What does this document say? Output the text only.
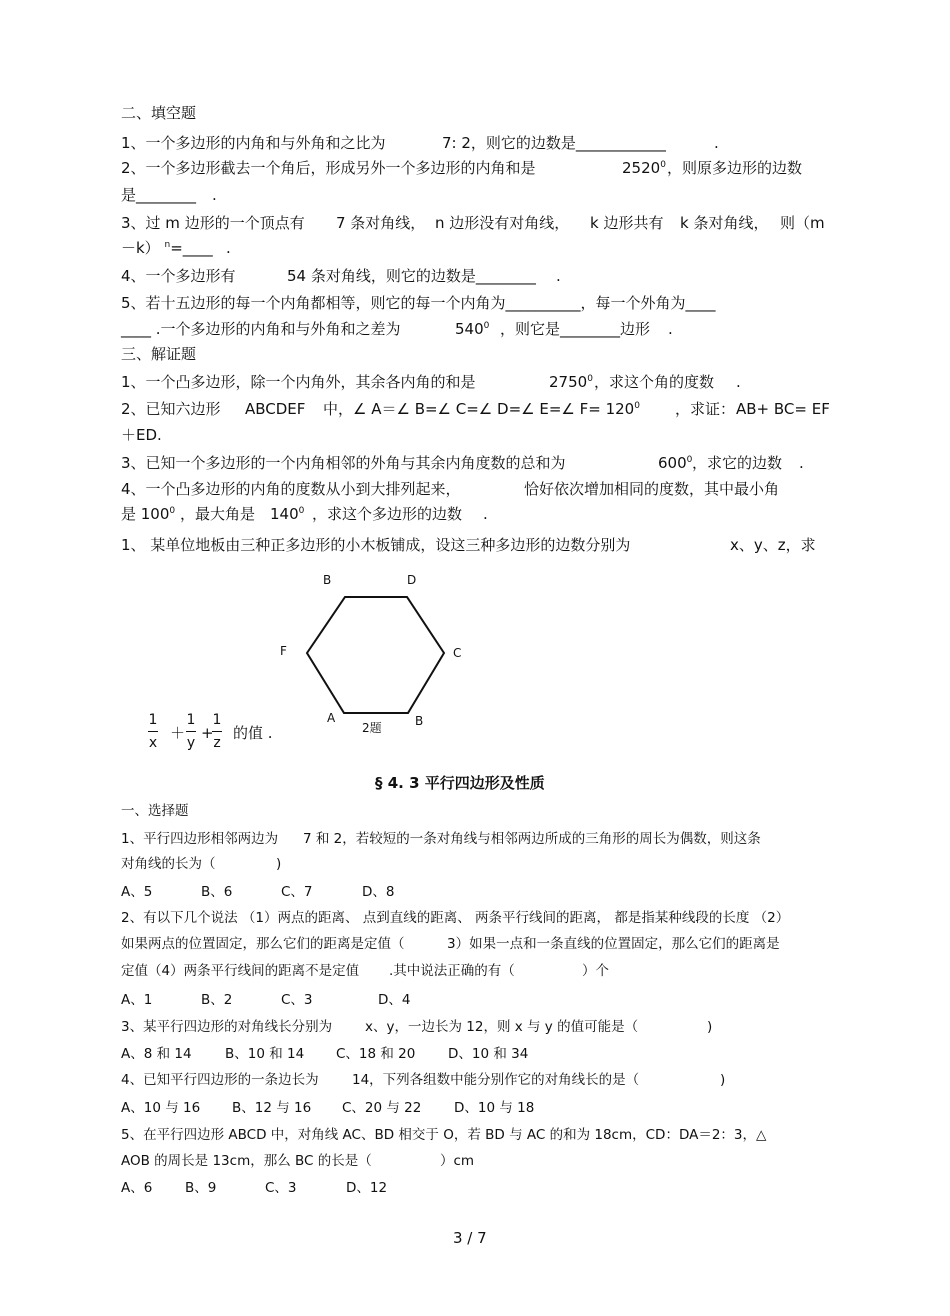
二、填空题
1、一个多边形的内角和与外角和之比为	7: 2，则它的边数是____________	.
2、一个多边形截去一个角后，形成另外一个多边形的内角和是	2520$^0$ ，则原多边形的边数
是________ .
3、过 m 边形的一个顶点有 7 条对角线， n 边形没有对角线， k 边形共有 k 条对角线， 则（m
－k） $^n$=____ .
4、一个多边形有	54 条对角线，则它的边数是________ .
5、若十五边形的每一个内角都相等，则它的每一个内角为__________，每一个外角为____
____ .一个多边形的内角和与外角和之差为	$540^0$ ，则它是________边形 .
三、解证题
1、一个凸多边形，除一个内角外，其余各内角的和是	2750$^0$ ，求这个角的度数 .
2、已知六边形 ABCDEF 中，∠ A＝∠ B=∠ C=∠ D=∠ E=∠ $F= 120^0$ ，求证： AB+ BC= EF
＋ED.
3、已知一个多边形的一个内角相邻的外角与其余内角度数的总和为	$600^0$ ，求它的边数 .
4、一个凸多边形的内角的度数从小到大排列起来，	恰好依次增加相同的度数，其中最小角
是 $100^0$ ，最大角是 $140^0$ ，求这个多边形的边数 .
1、 某单位地板由三种正多边形的小木板铺成，设这三种多边形的边数分别为	x、y、z，求
B	D
F	C
A	B
2题
1
x
＋
1
y
+
1
z
的值 .
§ 4. 3 平行四边形及性质
一、选择题
1、平行四边形相邻两边为 7 和 2，若较短的一条对角线与相邻两边所成的三角形的周长为偶数，则这条
对角线的长为（	)
A、5	B、6	C、7	D、8
2、有以下几个说法 （1）两点的距离、 点到直线的距离、 两条平行线间的距离， 都是指某种线段的长度 （2）
如果两点的位置固定，那么它们的距离是定值（	3）如果一点和一条直线的位置固定，那么它们的距离是
定值（4）两条平行线间的距离不是定值 .其中说法正确的有（	）个
A、1	B、2	C、3	D、4
3、某平行四边形的对角线长分别为 x、y，一边长为 12，则 x 与 y 的值可能是（	)
A、8 和 14 B、10 和 14 C、18 和 20 D、10 和 34
4、已知平行四边形的一条边长为 14，下列各组数中能分别作它的对角线长的是（	)
A、10 与 16 B、12 与 16 C、20 与 22 D、10 与 18
5、在平行四边形 ABCD 中，对角线 AC、BD 相交于 O，若 BD 与 AC 的和为 18cm，CD：DA＝2：3，△
AOB 的周长是 13cm，那么 BC 的长是（	）cm
A、6 B、9	C、3	D、12
3 / 7
